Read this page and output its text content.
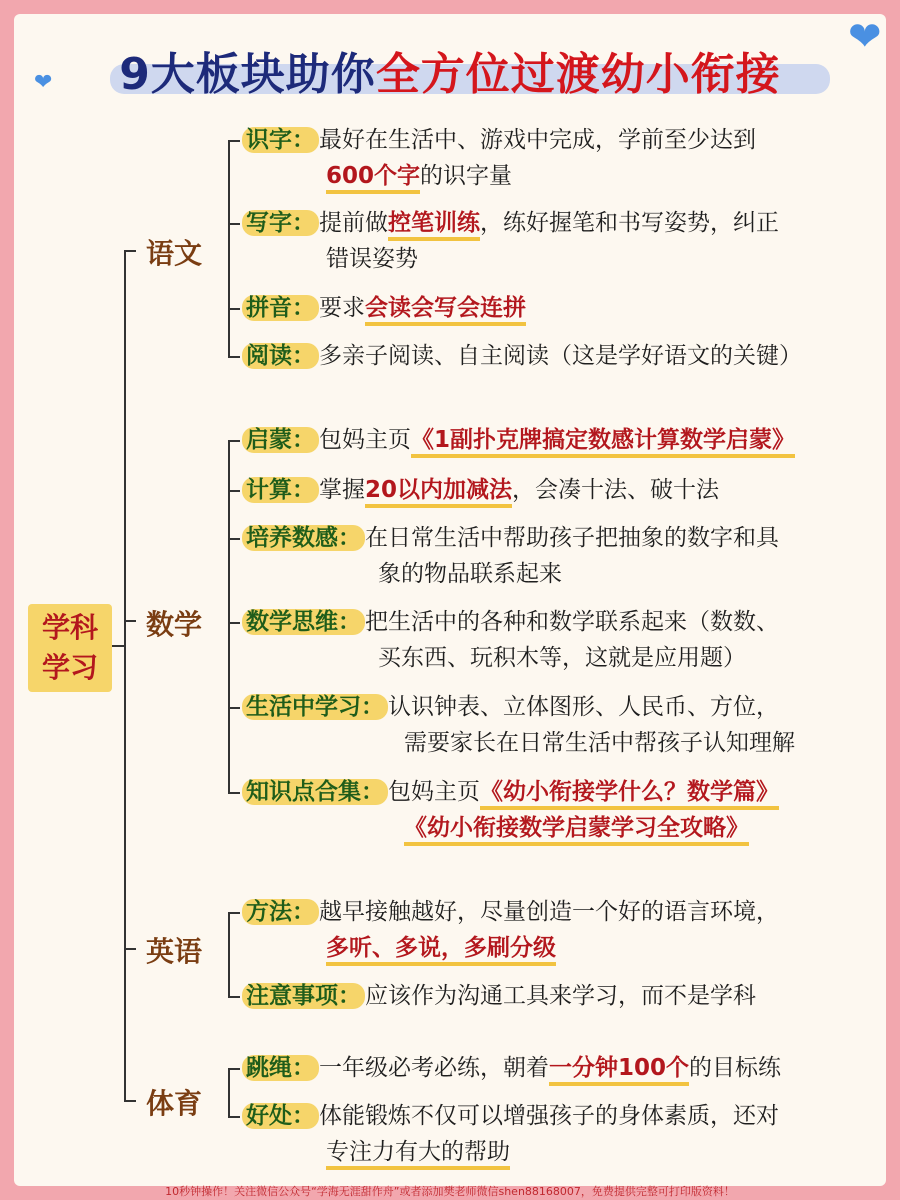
❤
❤
9大板块助你全方位过渡幼小衔接
学科
学习
语文
数学
英语
体育
识字： 最好在生活中、游戏中完成，学前至少达到
600个字的识字量
写字： 提前做控笔训练，练好握笔和书写姿势，纠正
错误姿势
拼音： 要求会读会写会连拼
阅读： 多亲子阅读、自主阅读（这是学好语文的关键）
启蒙： 包妈主页《1副扑克牌搞定数感计算数学启蒙》
计算： 掌握20以内加减法，会凑十法、破十法
培养数感： 在日常生活中帮助孩子把抽象的数字和具
象的物品联系起来
数学思维： 把生活中的各种和数学联系起来（数数、
买东西、玩积木等，这就是应用题）
生活中学习： 认识钟表、立体图形、人民币、方位，
需要家长在日常生活中帮孩子认知理解
知识点合集： 包妈主页《幼小衔接学什么？数学篇》
《幼小衔接数学启蒙学习全攻略》
方法： 越早接触越好，尽量创造一个好的语言环境，
多听、多说，多刷分级
注意事项： 应该作为沟通工具来学习，而不是学科
跳绳： 一年级必考必练，朝着一分钟100个的目标练
好处： 体能锻炼不仅可以增强孩子的身体素质，还对
专注力有大的帮助
10秒钟操作！关注微信公众号“学海无涯甜作舟”或者添加樊老师微信shen88168007，免费提供完整可打印版资料！
